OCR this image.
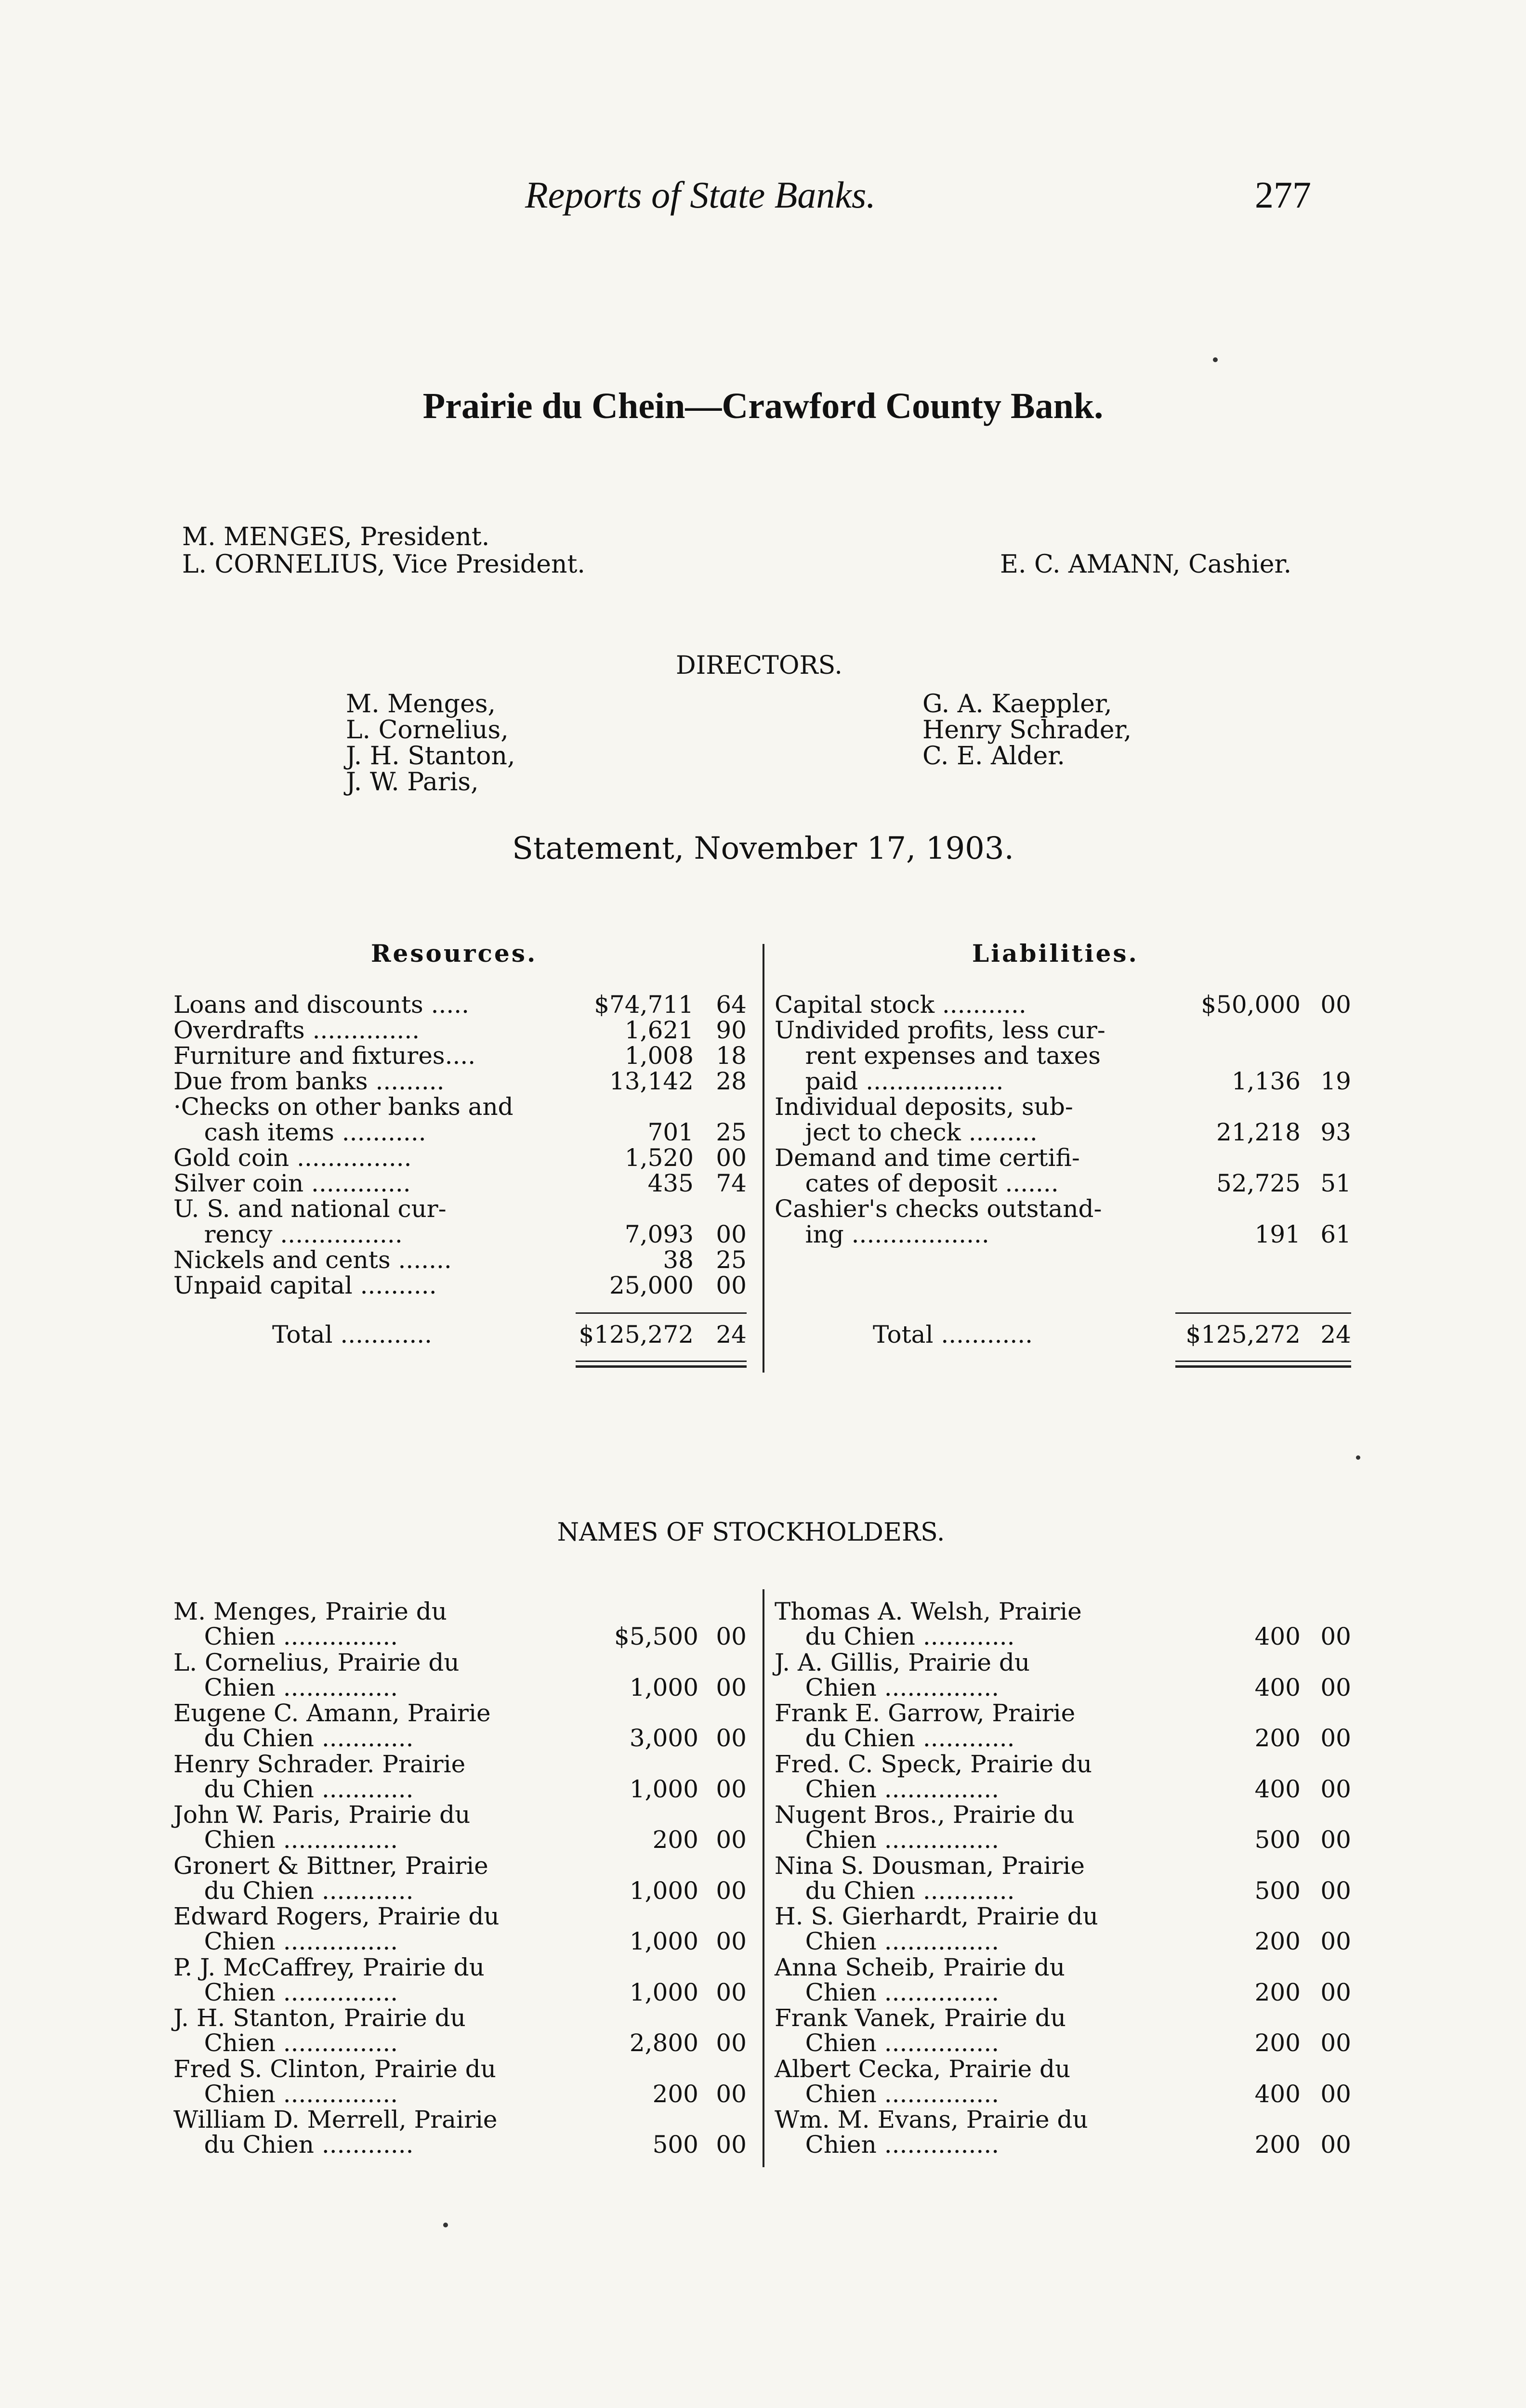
Reports of State Banks.	277
Prairie du Chein—Crawford County Bank.
M. MENGES, President.
L. CORNELIUS, Vice President.	E. C. AMANN, Cashier.
DIRECTORS.
M. Menges,
L. Cornelius,
J. H. Stanton,
J. W. Paris,
G. A. Kaeppler,
Henry Schrader,
C. E. Alder.
Statement, November 17, 1903.
Resources.	Liabilities.
Loans and discounts .....	$74,711 64
Overdrafts ..............	1,621 90
Furniture and fixtures....	1,008 18
Due from banks .........	13,142 28
·Checks on other banks and
cash items ...........	701 25
Gold coin ...............	1,520 00
Silver coin .............	435 74
U. S. and national cur-
rency ................	7,093 00
Nickels and cents .......	38 25
Unpaid capital ..........	25,000 00
Capital stock ...........	$50,000 00
Undivided profits, less cur-
rent expenses and taxes
paid ..................	1,136 19
Individual deposits, sub-
ject to check .........	21,218 93
Demand and time certifi-
cates of deposit .......	52,725 51
Cashier's checks outstand-
ing ..................	191 61
Total ............	$125,272 24	Total ............	$125,272 24
NAMES OF STOCKHOLDERS.
M. Menges, Prairie du
Chien ...............	$5,500 00
L. Cornelius, Prairie du
Chien ...............	1,000 00
Eugene C. Amann, Prairie
du Chien ............	3,000 00
Henry Schrader. Prairie
du Chien ............	1,000 00
John W. Paris, Prairie du
Chien ...............	200 00
Gronert & Bittner, Prairie
du Chien ............	1,000 00
Edward Rogers, Prairie du
Chien ...............	1,000 00
P. J. McCaffrey, Prairie du
Chien ...............	1,000 00
J. H. Stanton, Prairie du
Chien ...............	2,800 00
Fred S. Clinton, Prairie du
Chien ...............	200 00
William D. Merrell, Prairie
du Chien ............	500 00
Thomas A. Welsh, Prairie
du Chien ............	400 00
J. A. Gillis, Prairie du
Chien ...............	400 00
Frank E. Garrow, Prairie
du Chien ............	200 00
Fred. C. Speck, Prairie du
Chien ...............	400 00
Nugent Bros., Prairie du
Chien ...............	500 00
Nina S. Dousman, Prairie
du Chien ............	500 00
H. S. Gierhardt, Prairie du
Chien ...............	200 00
Anna Scheib, Prairie du
Chien ...............	200 00
Frank Vanek, Prairie du
Chien ...............	200 00
Albert Cecka, Prairie du
Chien ...............	400 00
Wm. M. Evans, Prairie du
Chien ...............	200 00
